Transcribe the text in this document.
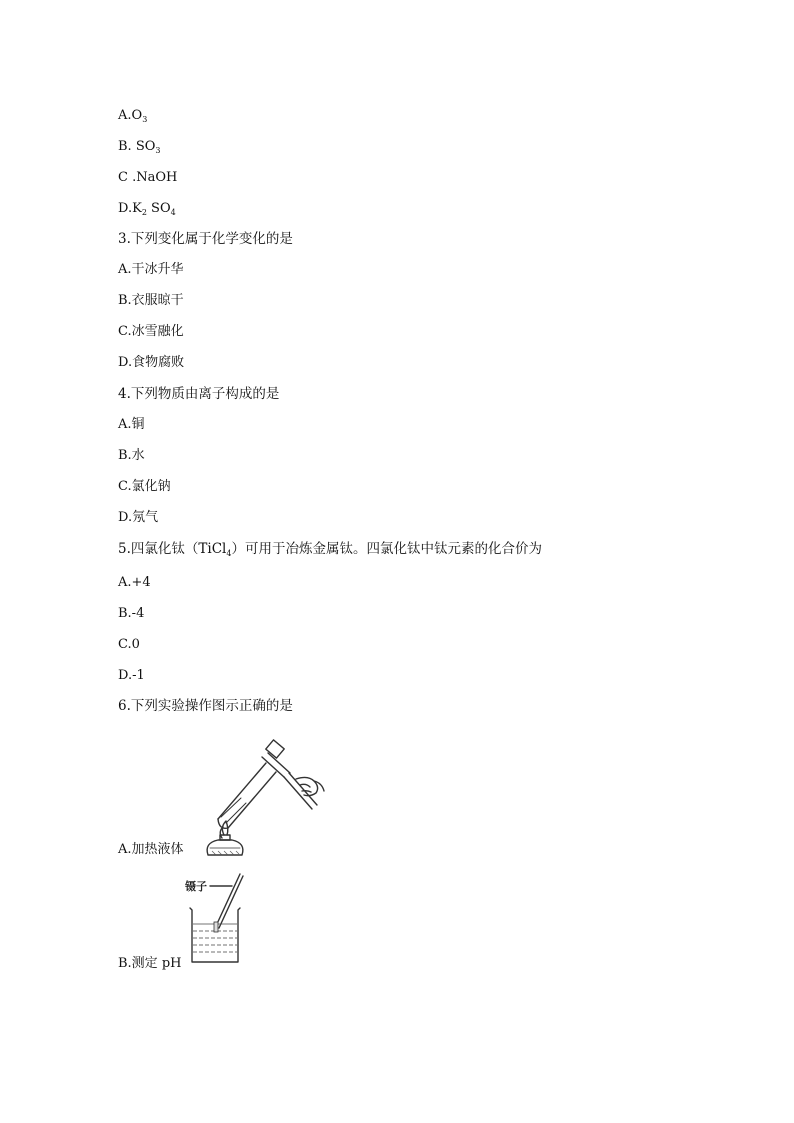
$A.O_3$
B. $SO_3$
C .NaOH
$D.K_2$ $SO_4$
3.下列变化属于化学变化的是
A.干冰升华
B.衣服晾干
C.冰雪融化
D.食物腐败
4.下列物质由离子构成的是
A.铜
B.水
C.氯化钠
D.氖气
5.四氯化钛（TiCl$_4$）可用于冶炼金属钛。四氯化钛中钛元素的化合价为
A.+4
B.-4
C.0
D.-1
6.下列实验操作图示正确的是
A.加热液体
镊子
B.测定 pH
